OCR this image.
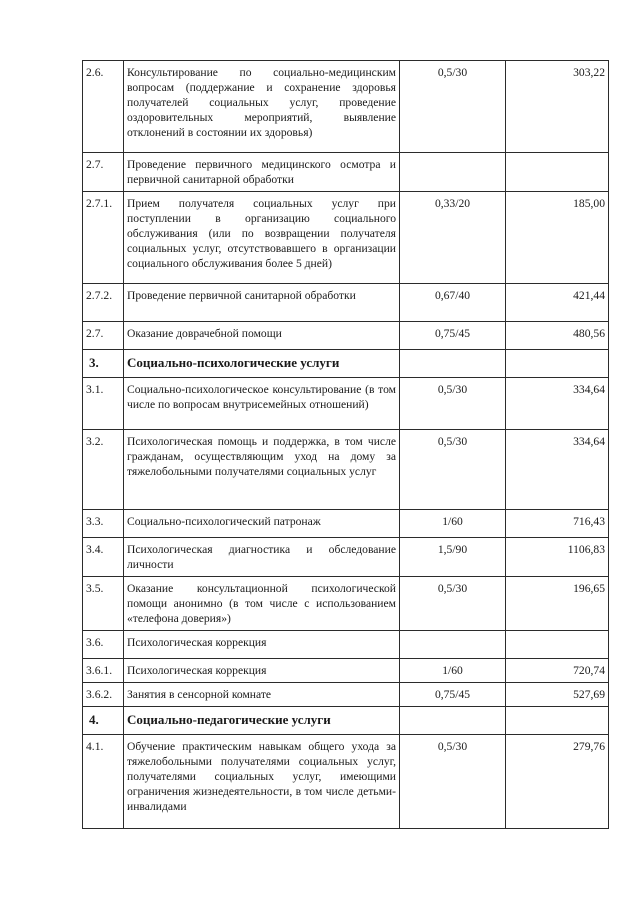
2.6.	Консультирование по социально-медицинским вопросам (поддержание и сохранение здоровья получателей социальных услуг, проведение оздоровительных мероприятий, выявление отклонений в состоянии их здоровья)	0,5/30	303,22
2.7.	Проведение первичного медицинского осмотра и первичной санитарной обработки		
2.7.1.	Прием получателя социальных услуг при поступлении в организацию социального обслуживания (или по возвращении получателя социальных услуг, отсутствовавшего в организации социального обслуживания более 5 дней)	0,33/20	185,00
2.7.2.	Проведение первичной санитарной обработки	0,67/40	421,44
2.7.	Оказание доврачебной помощи	0,75/45	480,56
3.	Социально-психологические услуги		
3.1.	Социально-психологическое консультирование (в том числе по вопросам внутрисемейных отношений)	0,5/30	334,64
3.2.	Психологическая помощь и поддержка, в том числе гражданам, осуществляющим уход на дому за тяжелобольными получателями социальных услуг	0,5/30	334,64
3.3.	Социально-психологический патронаж	1/60	716,43
3.4.	Психологическая диагностика и обследование личности	1,5/90	1106,83
3.5.	Оказание консультационной психологической помощи анонимно (в том числе с использованием «телефона доверия»)	0,5/30	196,65
3.6.	Психологическая коррекция		
3.6.1.	Психологическая коррекция	1/60	720,74
3.6.2.	Занятия в сенсорной комнате	0,75/45	527,69
4.	Социально-педагогические услуги		
4.1.	Обучение практическим навыкам общего ухода за тяжелобольными получателями социальных услуг, получателями социальных услуг, имеющими ограничения жизнедеятельности, в том числе детьми-инвалидами	0,5/30	279,76
